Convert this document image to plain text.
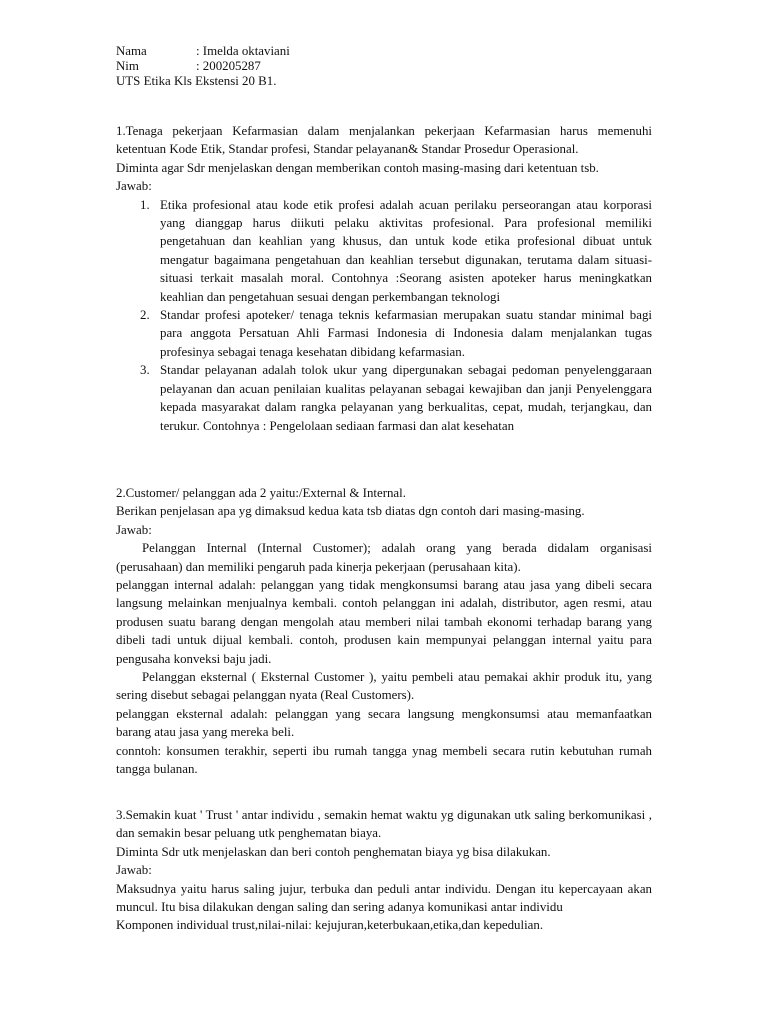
Nama	: Imelda oktaviani
Nim	: 200205287
UTS Etika Kls Ekstensi 20 B1.

1.Tenaga pekerjaan Kefarmasian dalam menjalankan pekerjaan Kefarmasian harus memenuhi ketentuan Kode Etik, Standar profesi, Standar pelayanan& Standar Prosedur Operasional.

Diminta agar Sdr menjelaskan dengan memberikan contoh masing-masing dari ketentuan tsb.

Jawab:

1. Etika profesional atau kode etik profesi adalah acuan perilaku perseorangan atau korporasi yang dianggap harus diikuti pelaku aktivitas profesional. Para profesional memiliki pengetahuan dan keahlian yang khusus, dan untuk kode etika profesional dibuat untuk mengatur bagaimana pengetahuan dan keahlian tersebut digunakan, terutama dalam situasi-situasi terkait masalah moral. Contohnya :Seorang asisten apoteker harus meningkatkan keahlian dan pengetahuan sesuai dengan perkembangan teknologi
2. Standar profesi apoteker/ tenaga teknis kefarmasian merupakan suatu standar minimal bagi para anggota Persatuan Ahli Farmasi Indonesia di Indonesia dalam menjalankan tugas profesinya sebagai tenaga kesehatan dibidang kefarmasian.
3. Standar pelayanan adalah tolok ukur yang dipergunakan sebagai pedoman penyelenggaraan pelayanan dan acuan penilaian kualitas pelayanan sebagai kewajiban dan janji Penyelenggara kepada masyarakat dalam rangka pelayanan yang berkualitas, cepat, mudah, terjangkau, dan terukur. Contohnya : Pengelolaan sediaan farmasi dan alat kesehatan

2.Customer/ pelanggan ada 2 yaitu:/External & Internal.

Berikan penjelasan apa yg dimaksud kedua kata tsb diatas dgn contoh dari masing-masing.

Jawab:

Pelanggan Internal (Internal Customer); adalah orang yang berada didalam organisasi (perusahaan) dan memiliki pengaruh pada kinerja pekerjaan (perusahaan kita).

pelanggan internal adalah: pelanggan yang tidak mengkonsumsi barang atau jasa yang dibeli secara langsung melainkan menjualnya kembali. contoh pelanggan ini adalah, distributor, agen resmi, atau produsen suatu barang dengan mengolah atau memberi nilai tambah ekonomi terhadap barang yang dibeli tadi untuk dijual kembali. contoh, produsen kain mempunyai pelanggan internal yaitu para pengusaha konveksi baju jadi.

Pelanggan eksternal ( Eksternal Customer ), yaitu pembeli atau pemakai akhir produk itu, yang sering disebut sebagai pelanggan nyata (Real Customers).

pelanggan eksternal adalah: pelanggan yang secara langsung mengkonsumsi atau memanfaatkan barang atau jasa yang mereka beli.

conntoh: konsumen terakhir, seperti ibu rumah tangga ynag membeli secara rutin kebutuhan rumah tangga bulanan.

3.Semakin kuat ' Trust ' antar individu , semakin hemat waktu yg digunakan utk saling berkomunikasi , dan semakin besar peluang utk penghematan biaya.

Diminta Sdr utk menjelaskan dan beri contoh penghematan biaya yg bisa dilakukan.

Jawab:

Maksudnya yaitu harus saling jujur, terbuka dan peduli antar individu. Dengan itu kepercayaan akan muncul. Itu bisa dilakukan dengan saling dan sering adanya komunikasi antar individu

Komponen individual trust,nilai-nilai: kejujuran,keterbukaan,etika,dan kepedulian.
